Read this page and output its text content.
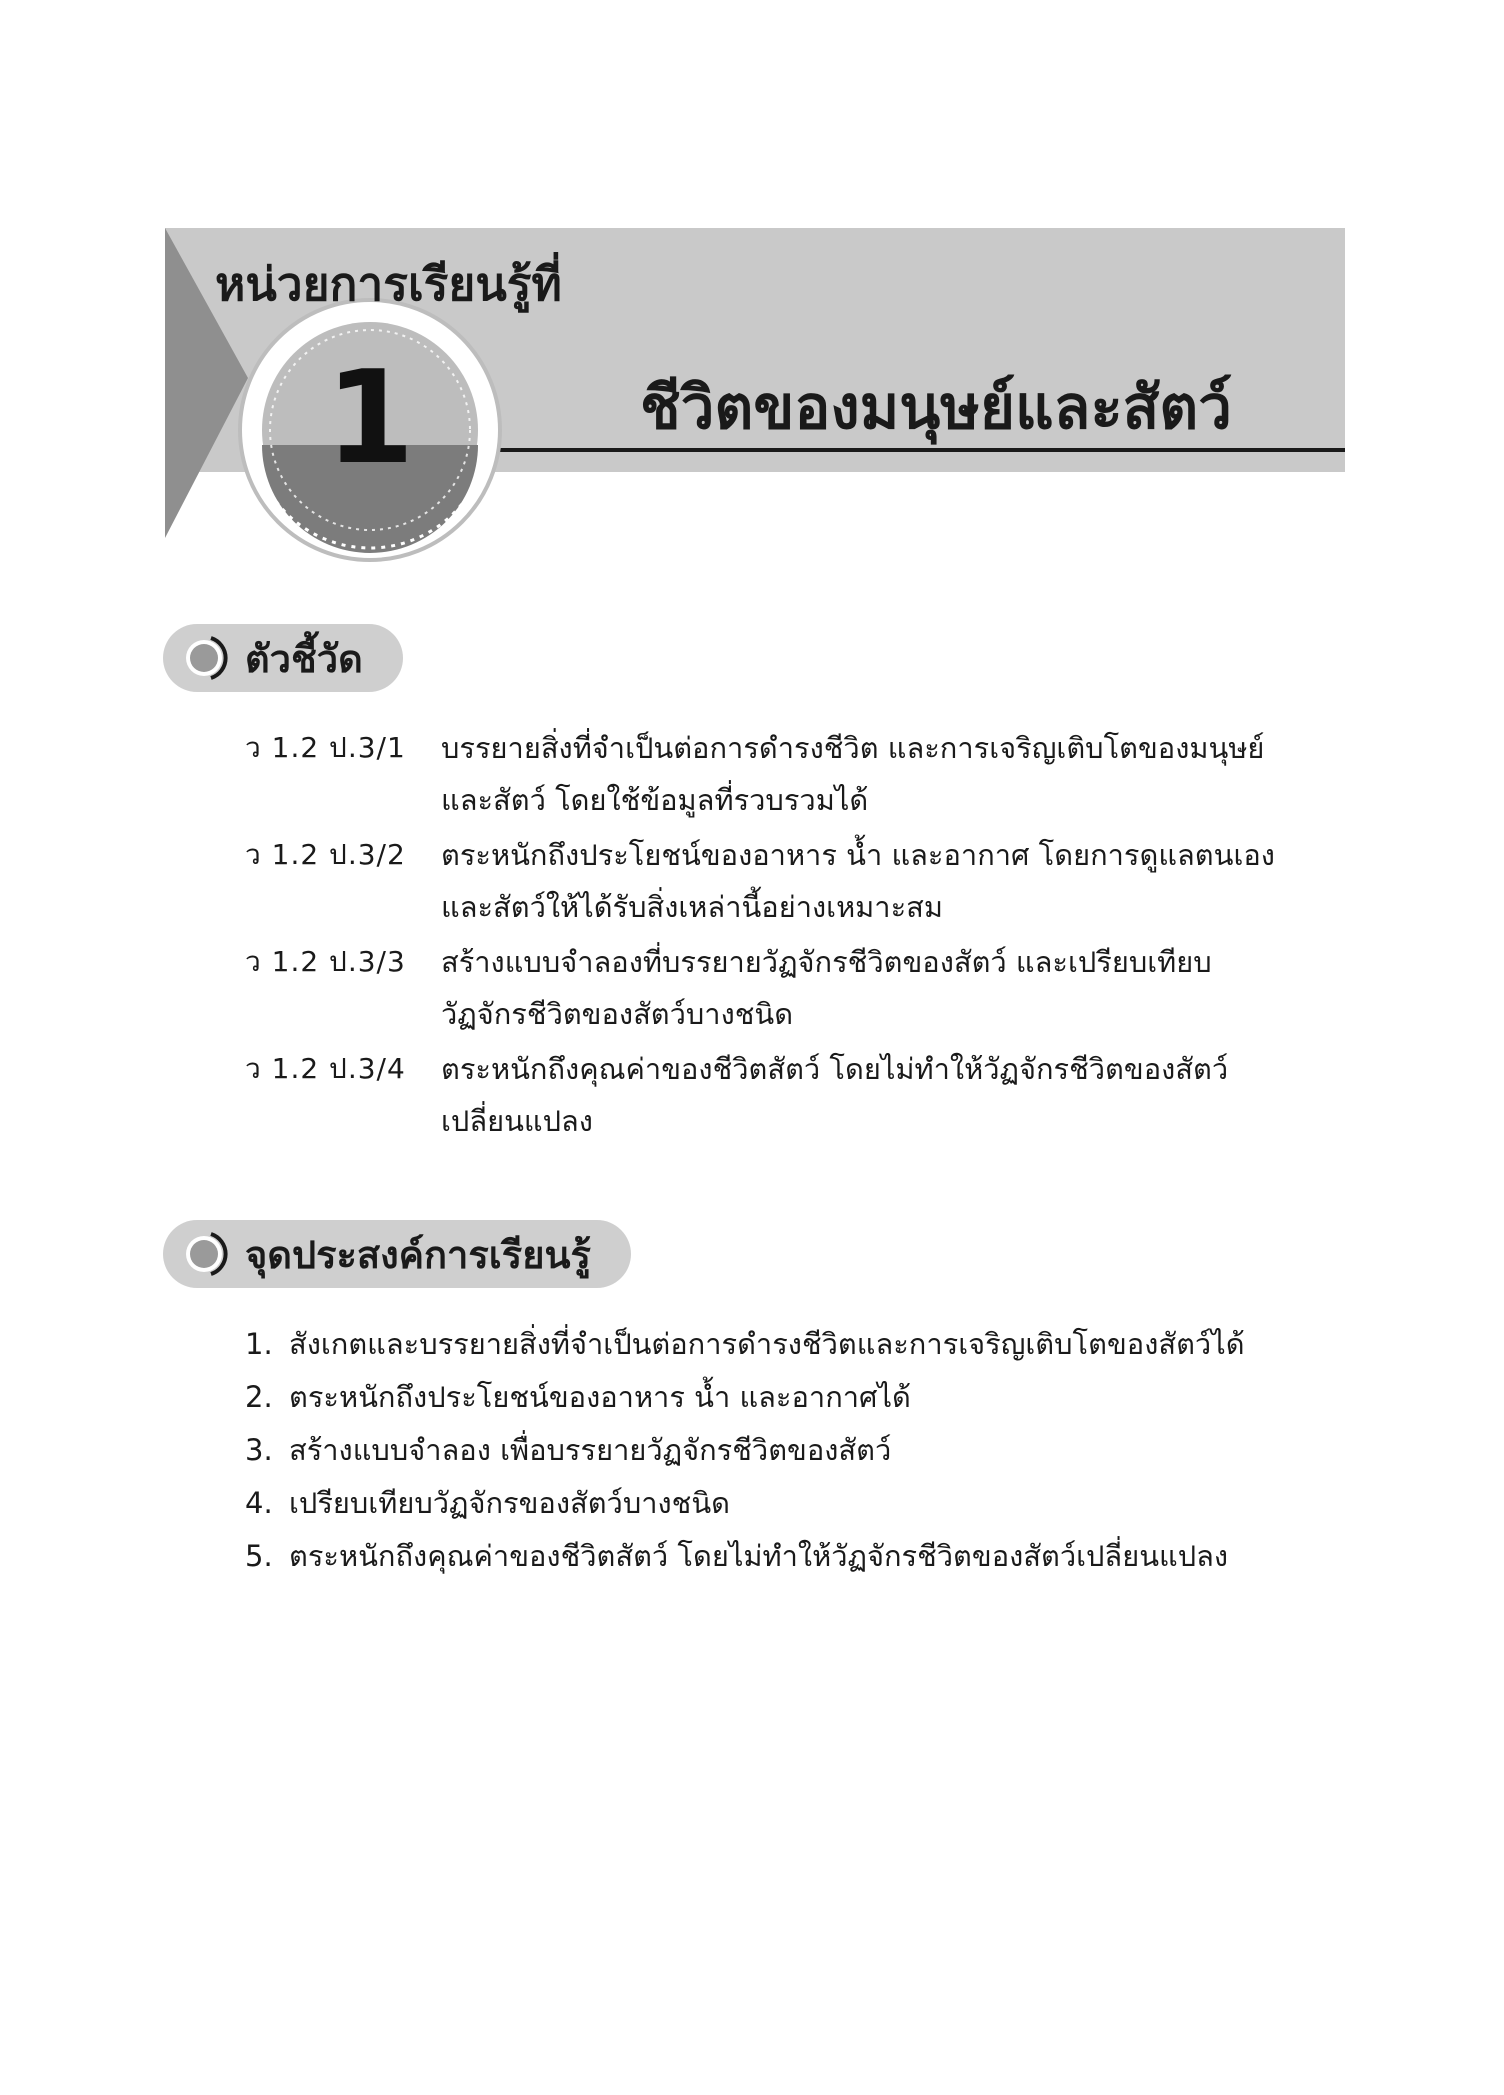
หน่วยการเรียนรู้ที่
1	ชีวิตของมนุษย์และสัตว์
ตัวชี้วัด
ว 1.2 ป.3/1	บรรยายสิ่งที่จำเป็นต่อการดำรงชีวิต และการเจริญเติบโตของมนุษย์และสัตว์ โดยใช้ข้อมูลที่รวบรวมได้
ว 1.2 ป.3/2	ตระหนักถึงประโยชน์ของอาหาร น้ำ และอากาศ โดยการดูแลตนเองและสัตว์ให้ได้รับสิ่งเหล่านี้อย่างเหมาะสม
ว 1.2 ป.3/3	สร้างแบบจำลองที่บรรยายวัฏจักรชีวิตของสัตว์ และเปรียบเทียบวัฏจักรชีวิตของสัตว์บางชนิด
ว 1.2 ป.3/4	ตระหนักถึงคุณค่าของชีวิตสัตว์ โดยไม่ทำให้วัฏจักรชีวิตของสัตว์เปลี่ยนแปลง
จุดประสงค์การเรียนรู้
1. สังเกตและบรรยายสิ่งที่จำเป็นต่อการดำรงชีวิตและการเจริญเติบโตของสัตว์ได้
2. ตระหนักถึงประโยชน์ของอาหาร น้ำ และอากาศได้
3. สร้างแบบจำลอง เพื่อบรรยายวัฏจักรชีวิตของสัตว์
4. เปรียบเทียบวัฏจักรของสัตว์บางชนิด
5. ตระหนักถึงคุณค่าของชีวิตสัตว์ โดยไม่ทำให้วัฏจักรชีวิตของสัตว์เปลี่ยนแปลง
